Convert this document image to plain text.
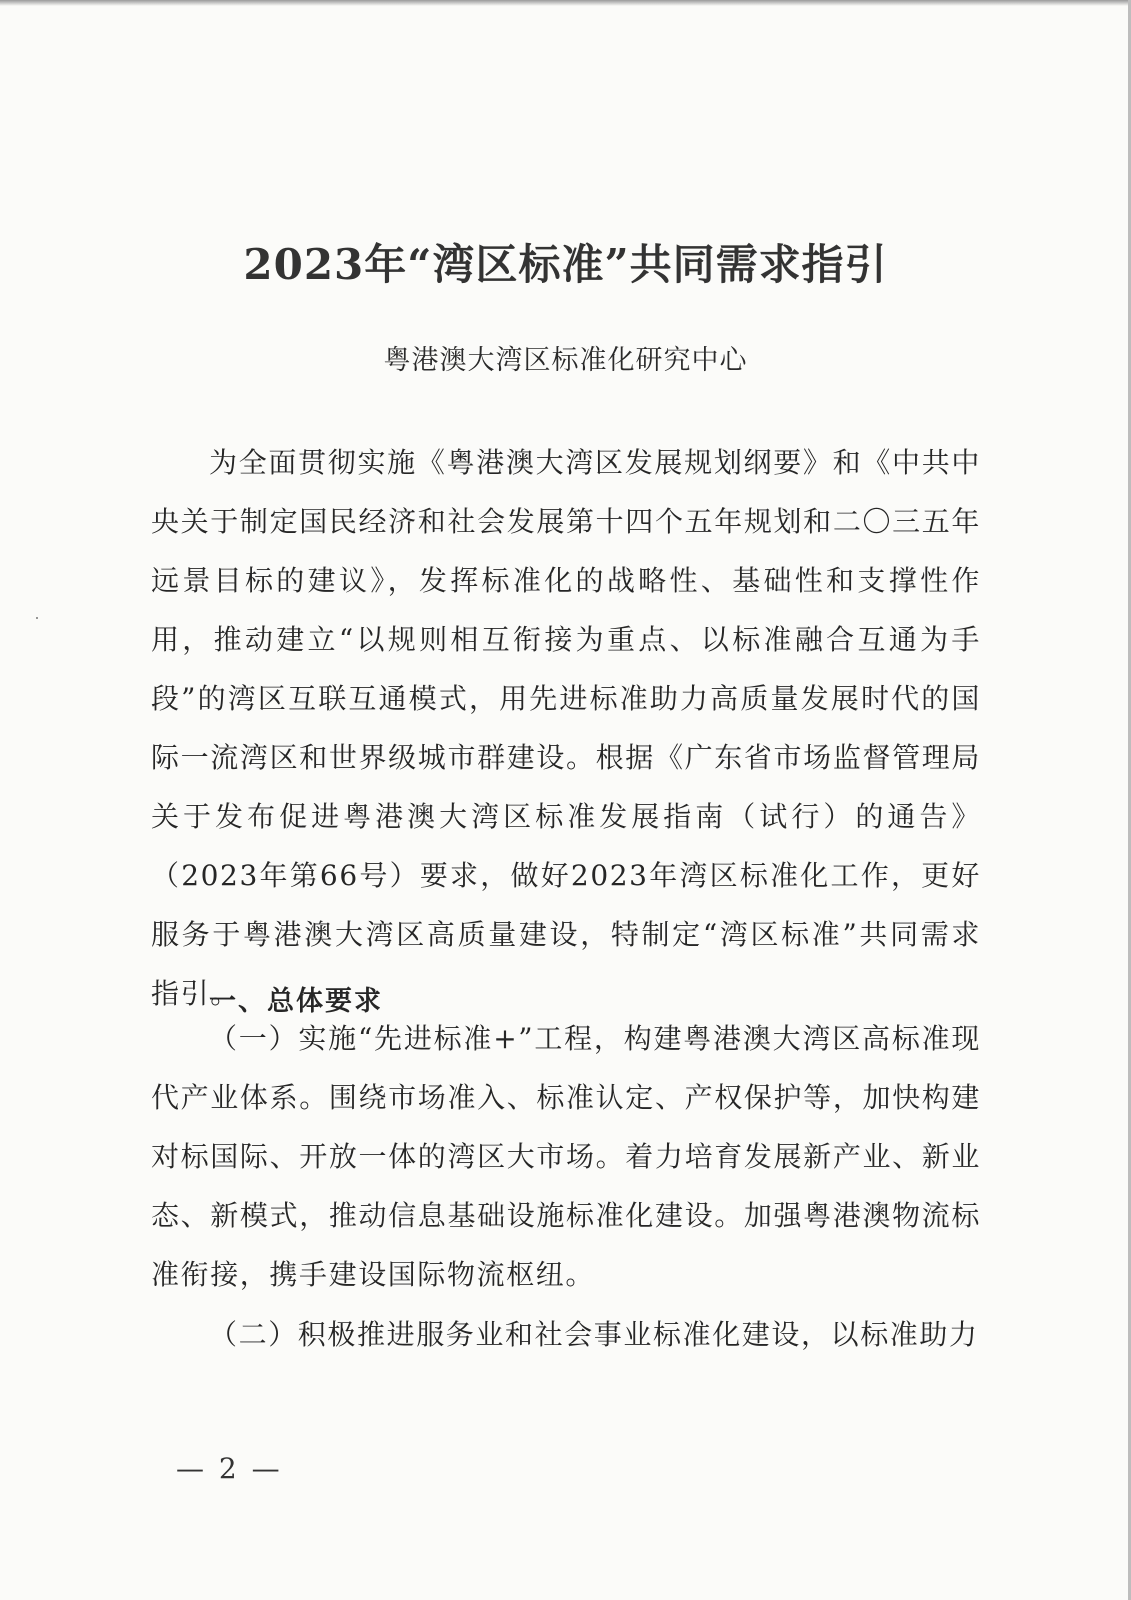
2023年“湾区标准”共同需求指引
粤港澳大湾区标准化研究中心
为全面贯彻实施《粤港澳大湾区发展规划纲要》和《中共中央关于制定国民经济和社会发展第十四个五年规划和二〇三五年远景目标的建议》，发挥标准化的战略性、基础性和支撑性作用，推动建立“以规则相互衔接为重点、以标准融合互通为手段”的湾区互联互通模式，用先进标准助力高质量发展时代的国际一流湾区和世界级城市群建设。根据《广东省市场监督管理局关于发布促进粤港澳大湾区标准发展指南（试行）的通告》（2023年第66号）要求，做好2023年湾区标准化工作，更好服务于粤港澳大湾区高质量建设，特制定“湾区标准”共同需求指引。
一、总体要求
（一）实施“先进标准+”工程，构建粤港澳大湾区高标准现代产业体系。围绕市场准入、标准认定、产权保护等，加快构建对标国际、开放一体的湾区大市场。着力培育发展新产业、新业态、新模式，推动信息基础设施标准化建设。加强粤港澳物流标准衔接，携手建设国际物流枢纽。
（二）积极推进服务业和社会事业标准化建设，以标准助力
— 2 —
